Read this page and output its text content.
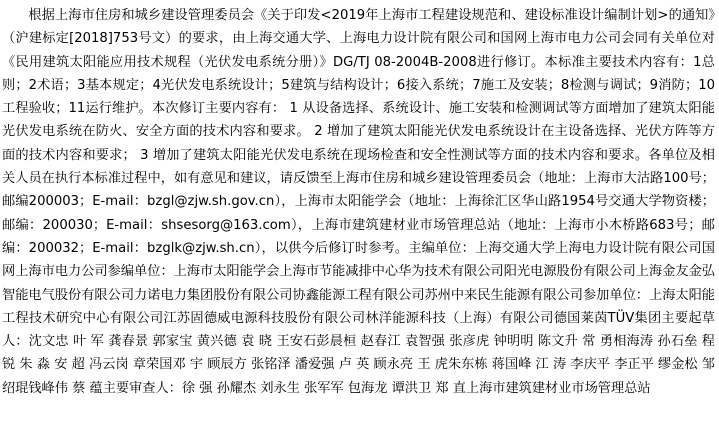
根据上海市住房和城乡建设管理委员会《关于印发<2019年上海市工程建设规范和、建设标准设计编制计划>的通知》（沪建标定[2018]753号文）的要求，由上海交通大学、上海电力设计院有限公司和国网上海市电力公司会同有关单位对《民用建筑太阳能应用技术规程（光伏发电系统分册）》DG/TJ 08-2004B-2008进行修订。本标准主要技术内容有：1总则；2术语；3基本规定；4光伏发电系统设计；5建筑与结构设计；6接入系统；7施工及安装；8检测与调试；9消防；10工程验收；11运行维护。本次修订主要内容有： 1 从设备选择、系统设计、施工安装和检测调试等方面增加了建筑太阳能光伏发电系统在防火、安全方面的技术内容和要求。 2 增加了建筑太阳能光伏发电系统设计在主设备选择、光伏方阵等方面的技术内容和要求； 3 增加了建筑太阳能光伏发电系统在现场检查和安全性测试等方面的技术内容和要求。各单位及相关人员在执行本标准过程中，如有意见和建议，请反馈至上海市住房和城乡建设管理委员会（地址：上海市大沽路100号；邮编200003；E-mail：bzgl@zjw.sh.gov.cn），上海市太阳能学会（地址：上海徐汇区华山路1954号交通大学物资楼；邮编：200030；E-mail：shsesorg@163.com），上海市建筑建材业市场管理总站（地址：上海市小木桥路683号；邮编：200032；E-mail：bzglk@zjw.sh.cn），以供今后修订时参考。主编单位：上海交通大学上海电力设计院有限公司国网上海市电力公司参编单位：上海市太阳能学会上海市节能减排中心华为技术有限公司阳光电源股份有限公司上海金友金弘智能电气股份有限公司力诺电力集团股份有限公司协鑫能源工程有限公司苏州中来民生能源有限公司参加单位：上海太阳能工程技术研究中心有限公司江苏固德威电源科技股份有限公司林洋能源科技（上海）有限公司德国莱茵TÜV集团主要起草人：沈文忠 叶 军 龚春景 郭家宝 黄兴德 袁 晓 王安石彭晨桓 赵春江 袁智强 张彦虎 钟明明 陈文升 常 勇相海涛 孙石垒 程 锐 朱 淼 安 超 冯云岗 章荣国邓 宇 顾辰方 张铭泽 潘爱强 卢 英 顾永亮 王 虎朱东栋 蒋国峰 江 涛 李庆平 李正平 缪金松 邹绍琨钱峰伟 蔡 蕴主要审查人：徐 强 孙耀杰 刘永生 张军军 包海龙 谭洪卫 郑 直上海市建筑建材业市场管理总站
